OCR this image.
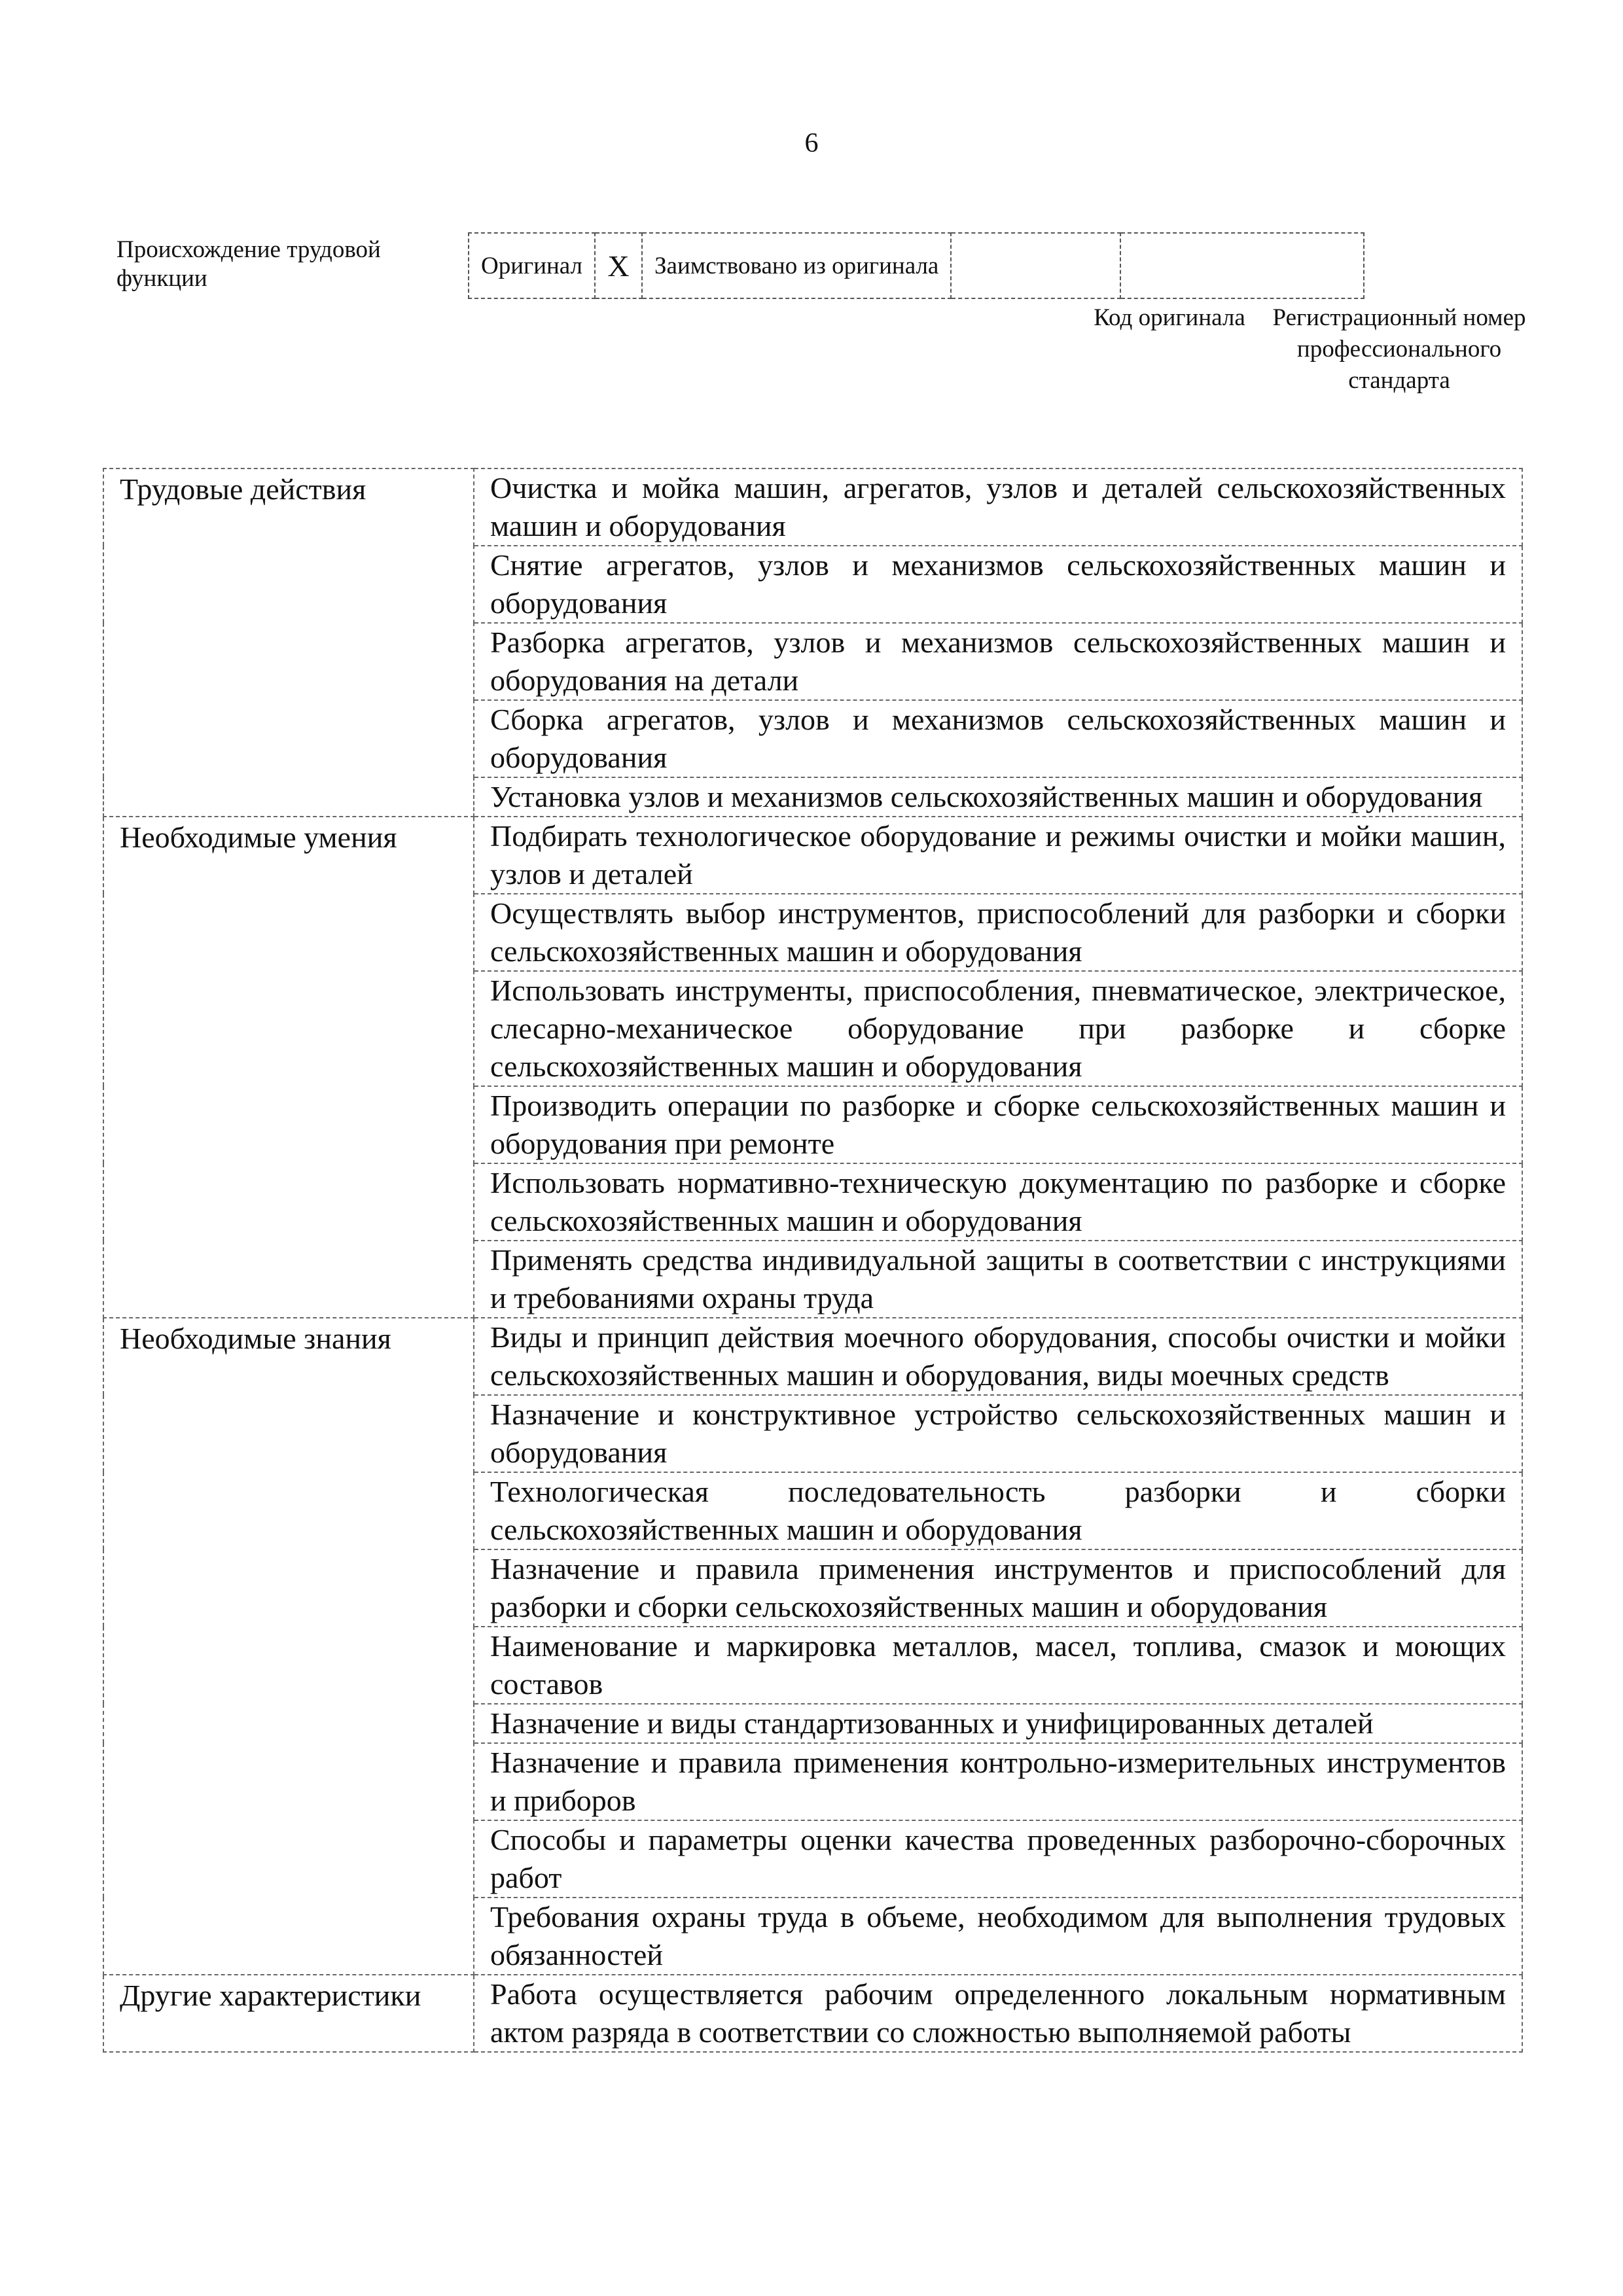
6
Происхождение трудовой функции	Оригинал	X	Заимствовано из оригинала		
Код оригинала	Регистрационный номер профессионального стандарта
Трудовые действия	Очистка и мойка машин, агрегатов, узлов и деталей сельскохозяйственных машин и оборудования
	Снятие агрегатов, узлов и механизмов сельскохозяйственных машин и оборудования
	Разборка агрегатов, узлов и механизмов сельскохозяйственных машин и оборудования на детали
	Сборка агрегатов, узлов и механизмов сельскохозяйственных машин и оборудования
	Установка узлов и механизмов сельскохозяйственных машин и оборудования
Необходимые умения	Подбирать технологическое оборудование и режимы очистки и мойки машин, узлов и деталей
	Осуществлять выбор инструментов, приспособлений для разборки и сборки сельскохозяйственных машин и оборудования
	Использовать инструменты, приспособления, пневматическое, электрическое, слесарно-механическое оборудование при разборке и сборке сельскохозяйственных машин и оборудования
	Производить операции по разборке и сборке сельскохозяйственных машин и оборудования при ремонте
	Использовать нормативно-техническую документацию по разборке и сборке сельскохозяйственных машин и оборудования
	Применять средства индивидуальной защиты в соответствии с инструкциями и требованиями охраны труда
Необходимые знания	Виды и принцип действия моечного оборудования, способы очистки и мойки сельскохозяйственных машин и оборудования, виды моечных средств
	Назначение и конструктивное устройство сельскохозяйственных машин и оборудования
	Технологическая последовательность разборки и сборки сельскохозяйственных машин и оборудования
	Назначение и правила применения инструментов и приспособлений для разборки и сборки сельскохозяйственных машин и оборудования
	Наименование и маркировка металлов, масел, топлива, смазок и моющих составов
	Назначение и виды стандартизованных и унифицированных деталей
	Назначение и правила применения контрольно-измерительных инструментов и приборов
	Способы и параметры оценки качества проведенных разборочно-сборочных работ
	Требования охраны труда в объеме, необходимом для выполнения трудовых обязанностей
Другие характеристики	Работа осуществляется рабочим определенного локальным нормативным актом разряда в соответствии со сложностью выполняемой работы
